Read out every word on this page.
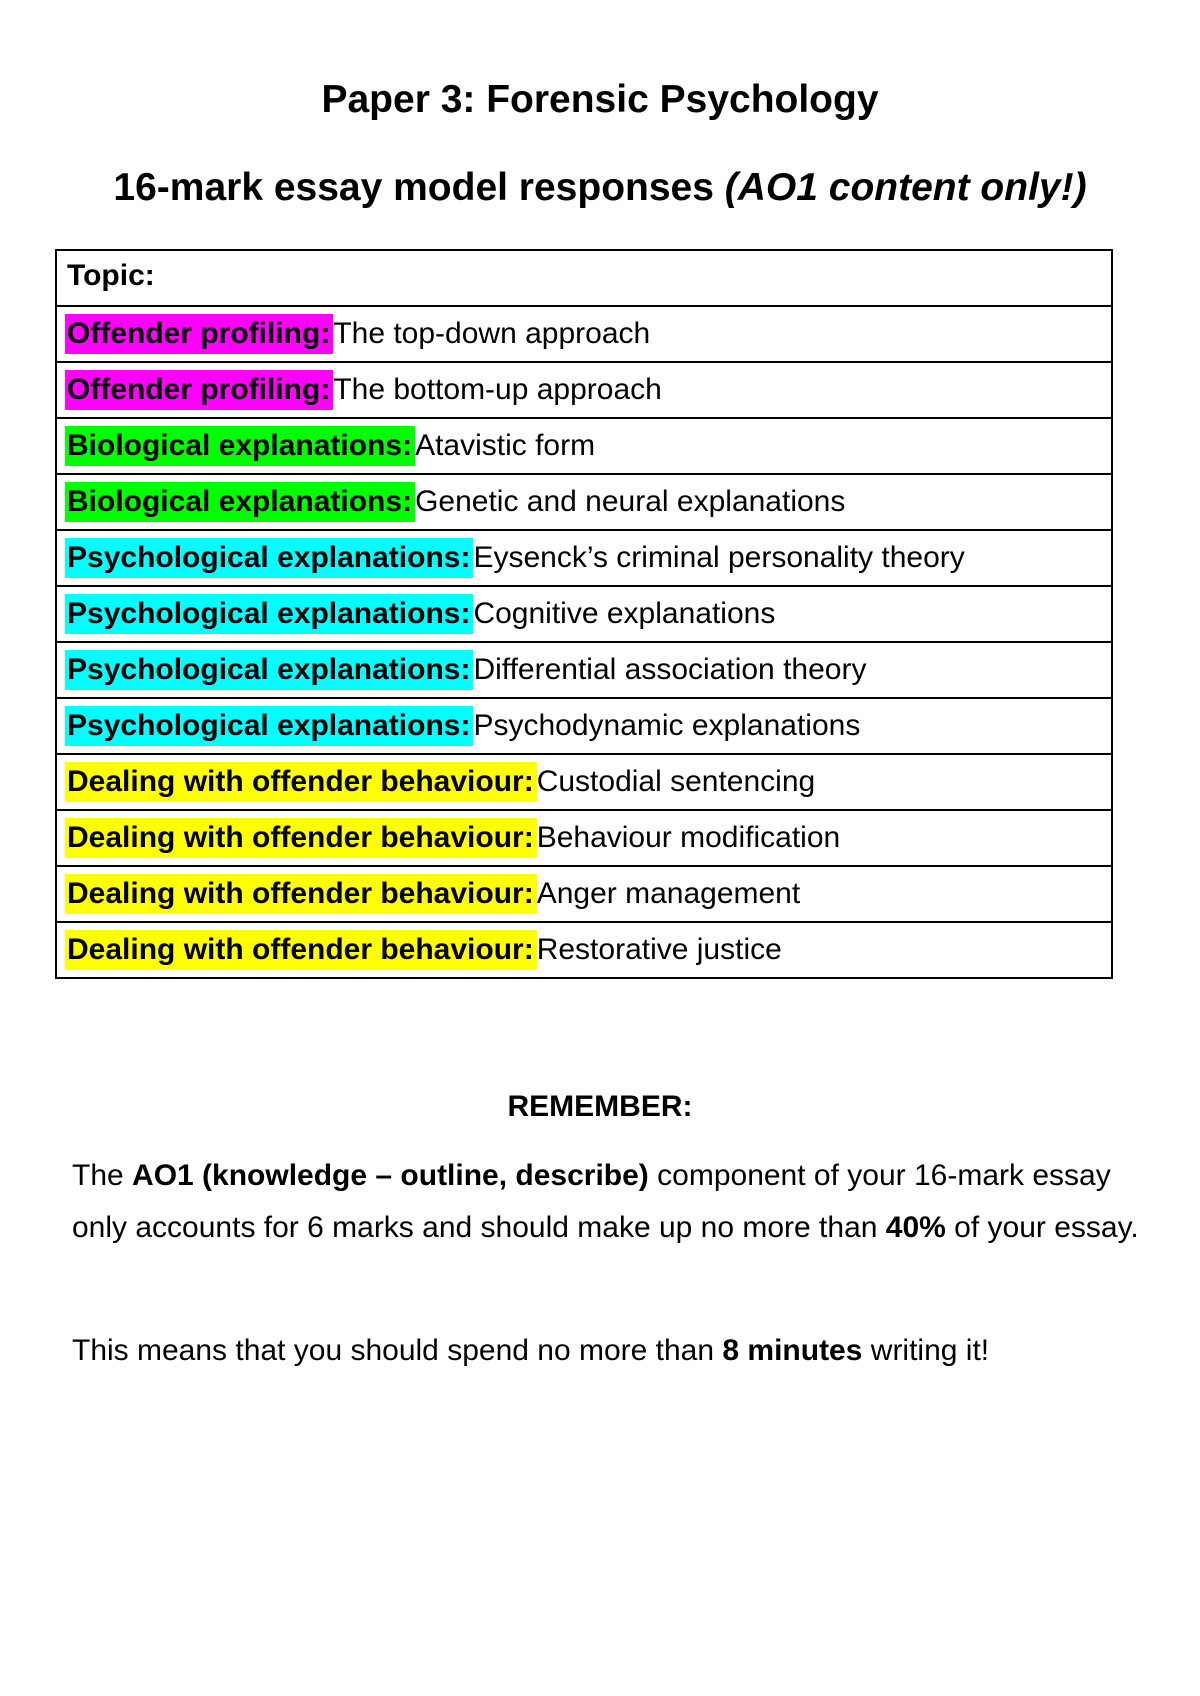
Paper 3: Forensic Psychology
16-mark essay model responses (AO1 content only!)
Topic:
Offender profiling: The top-down approach
Offender profiling: The bottom-up approach
Biological explanations: Atavistic form
Biological explanations: Genetic and neural explanations
Psychological explanations: Eysenck’s criminal personality theory
Psychological explanations: Cognitive explanations
Psychological explanations: Differential association theory
Psychological explanations: Psychodynamic explanations
Dealing with offender behaviour: Custodial sentencing
Dealing with offender behaviour: Behaviour modification
Dealing with offender behaviour: Anger management
Dealing with offender behaviour: Restorative justice
REMEMBER:
The AO1 (knowledge – outline, describe) component of your 16-mark essay only accounts for 6 marks and should make up no more than 40% of your essay.
This means that you should spend no more than 8 minutes writing it!
